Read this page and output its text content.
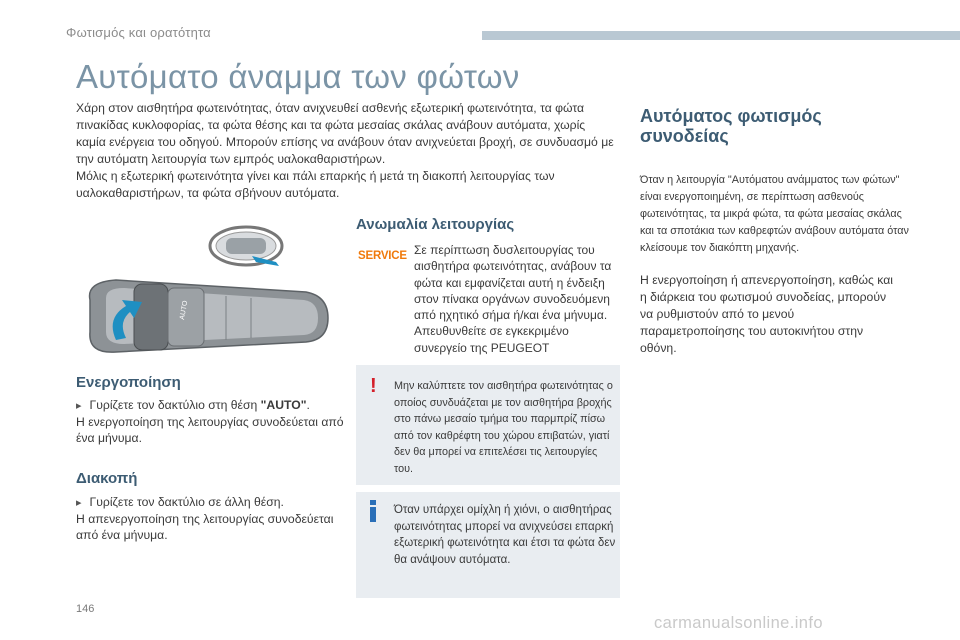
Φωτισμός και ορατότητα
Αυτόματο άναμμα των φώτων

Χάρη στον αισθητήρα φωτεινότητας, όταν ανιχνευθεί ασθενής εξωτερική φωτεινότητα, τα φώτα πινακίδας κυκλοφορίας, τα φώτα θέσης και τα φώτα μεσαίας σκάλας ανάβουν αυτόματα, χωρίς καμία ενέργεια του οδηγού. Μπορούν επίσης να ανάβουν όταν ανιχνεύεται βροχή, σε συνδυασμό με την αυτόματη λειτουργία των εμπρός υαλοκαθαριστήρων.

Μόλις η εξωτερική φωτεινότητα γίνει και πάλι επαρκής ή μετά τη διακοπή λειτουργίας των υαλοκαθαριστήρων, τα φώτα σβήνουν αυτόματα.

AUTO
Ενεργοποίηση

▸ Γυρίζετε τον δακτύλιο στη θέση "AUTO".

Η ενεργοποίηση της λειτουργίας συνοδεύεται από ένα μήνυμα.

Διακοπή

▸ Γυρίζετε τον δακτύλιο σε άλλη θέση.

Η απενεργοποίηση της λειτουργίας συνοδεύεται από ένα μήνυμα.

Ανωμαλία λειτουργίας
SERVICE Σε περίπτωση δυσλειτουργίας του αισθητήρα φωτεινότητας, ανάβουν τα φώτα και εμφανίζεται αυτή η ένδειξη στον πίνακα οργάνων συνοδευόμενη από ηχητικό σήμα ή/και ένα μήνυμα. Απευθυνθείτε σε εγκεκριμένο συνεργείο της PEUGEOT
!	Μην καλύπτετε τον αισθητήρα φωτεινότητας ο οποίος συνδυάζεται με τον αισθητήρα βροχής στο πάνω μεσαίο τμήμα του παρμπρίζ πίσω από τον καθρέφτη του χώρου επιβατών, γιατί δεν θα μπορεί να επιτελέσει τις λειτουργίες του.
Όταν υπάρχει ομίχλη ή χιόνι, ο αισθητήρας φωτεινότητας μπορεί να ανιχνεύσει επαρκή εξωτερική φωτεινότητα και έτσι τα φώτα δεν θα ανάψουν αυτόματα.
Αυτόματος φωτισμός συνοδείας
Όταν η λειτουργία "Αυτόματου ανάμματος των φώτων" είναι ενεργοποιημένη, σε περίπτωση ασθενούς φωτεινότητας, τα μικρά φώτα, τα φώτα μεσαίας σκάλας και τα σποτάκια των καθρεφτών ανάβουν αυτόματα όταν κλείσουμε τον διακόπτη μηχανής.
Η ενεργοποίηση ή απενεργοποίηση, καθώς και η διάρκεια του φωτισμού συνοδείας, μπορούν να ρυθμιστούν από το μενού παραμετροποίησης του αυτοκινήτου στην οθόνη.
146
carmanualsonline.info
